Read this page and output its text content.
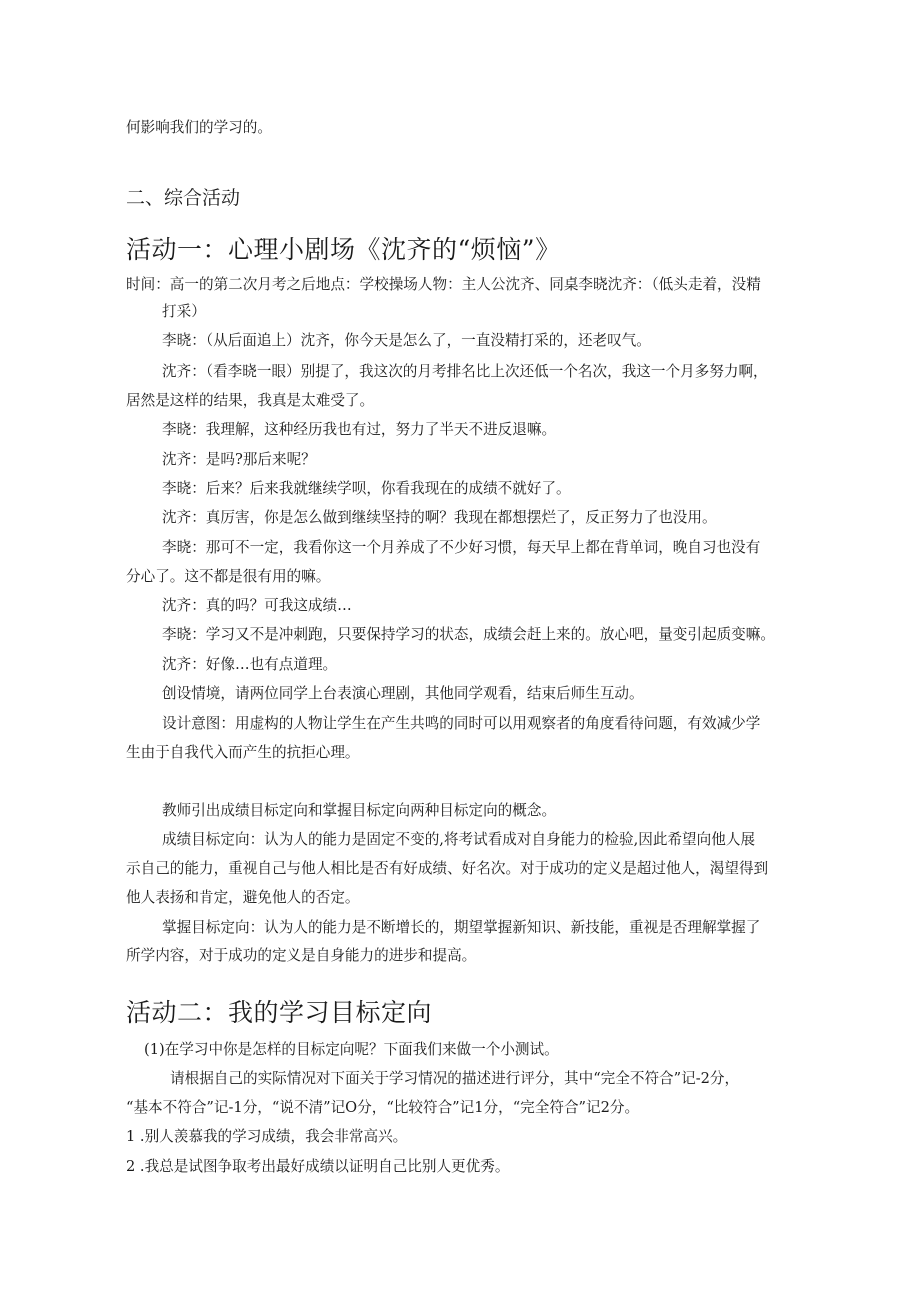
何影响我们的学习的。

二、综合活动
活动一：心理小剧场《沈齐的“烦恼”》

时间：高一的第二次月考之后地点：学校操场人物：主人公沈齐、同桌李晓沈齐：（低头走着，没精

打采）

李晓：（从后面追上）沈齐，你今天是怎么了，一直没精打采的，还老叹气。

沈齐：（看李晓一眼）别提了，我这次的月考排名比上次还低一个名次，我这一个月多努力啊，

居然是这样的结果，我真是太难受了。

李晓：我理解，这种经历我也有过，努力了半天不进反退嘛。

沈齐：是吗?那后来呢？

李晓：后来？后来我就继续学呗，你看我现在的成绩不就好了。

沈齐：真厉害，你是怎么做到继续坚持的啊？我现在都想摆烂了，反正努力了也没用。

李晓：那可不一定，我看你这一个月养成了不少好习惯，每天早上都在背单词，晚自习也没有

分心了。这不都是很有用的嘛。

沈齐：真的吗？可我这成绩…

李晓：学习又不是冲刺跑，只要保持学习的状态，成绩会赶上来的。放心吧，量变引起质变嘛。

沈齐：好像…也有点道理。

创设情境，请两位同学上台表演心理剧，其他同学观看，结束后师生互动。

设计意图：用虚构的人物让学生在产生共鸣的同时可以用观察者的角度看待问题，有效减少学

生由于自我代入而产生的抗拒心理。

教师引出成绩目标定向和掌握目标定向两种目标定向的概念。

成绩目标定向：认为人的能力是固定不变的,将考试看成对自身能力的检验,因此希望向他人展

示自己的能力，重视自己与他人相比是否有好成绩、好名次。对于成功的定义是超过他人，渴望得到

他人表扬和肯定，避免他人的否定。

掌握目标定向：认为人的能力是不断增长的，期望掌握新知识、新技能，重视是否理解掌握了

所学内容，对于成功的定义是自身能力的进步和提高。

活动二：我的学习目标定向

(1)在学习中你是怎样的目标定向呢？下面我们来做一个小测试。

请根据自己的实际情况对下面关于学习情况的描述进行评分，其中“完全不符合”记-2分，

“基本不符合”记-1分，“说不清”记O分，“比较符合”记1分，“完全符合”记2分。

1 .别人羡慕我的学习成绩，我会非常高兴。

2 .我总是试图争取考出最好成绩以证明自己比别人更优秀。
